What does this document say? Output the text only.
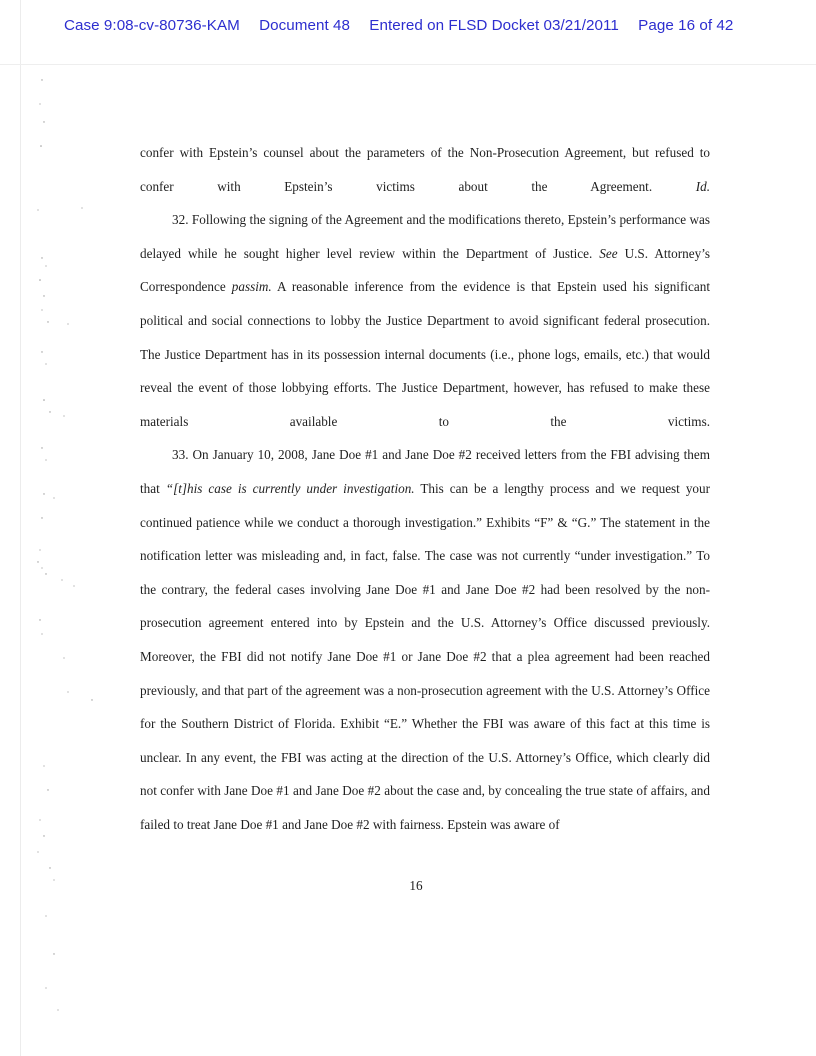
Case 9:08-cv-80736-KAM Document 48 Entered on FLSD Docket 03/21/2011 Page 16 of 42

confer with Epstein’s counsel about the parameters of the Non-Prosecution Agreement, but refused to confer with Epstein’s victims about the Agreement. Id.

32. Following the signing of the Agreement and the modifications thereto, Epstein’s performance was delayed while he sought higher level review within the Department of Justice. See U.S. Attorney’s Correspondence passim. A reasonable inference from the evidence is that Epstein used his significant political and social connections to lobby the Justice Department to avoid significant federal prosecution. The Justice Department has in its possession internal documents (i.e., phone logs, emails, etc.) that would reveal the event of those lobbying efforts. The Justice Department, however, has refused to make these materials available to the victims.

33. On January 10, 2008, Jane Doe #1 and Jane Doe #2 received letters from the FBI advising them that “[t]his case is currently under investigation. This can be a lengthy process and we request your continued patience while we conduct a thorough investigation.” Exhibits “F” & “G.” The statement in the notification letter was misleading and, in fact, false. The case was not currently “under investigation.” To the contrary, the federal cases involving Jane Doe #1 and Jane Doe #2 had been resolved by the non-prosecution agreement entered into by Epstein and the U.S. Attorney’s Office discussed previously. Moreover, the FBI did not notify Jane Doe #1 or Jane Doe #2 that a plea agreement had been reached previously, and that part of the agreement was a non-prosecution agreement with the U.S. Attorney’s Office for the Southern District of Florida. Exhibit “E.” Whether the FBI was aware of this fact at this time is unclear. In any event, the FBI was acting at the direction of the U.S. Attorney’s Office, which clearly did not confer with Jane Doe #1 and Jane Doe #2 about the case and, by concealing the true state of affairs, and failed to treat Jane Doe #1 and Jane Doe #2 with fairness. Epstein was aware of

16
